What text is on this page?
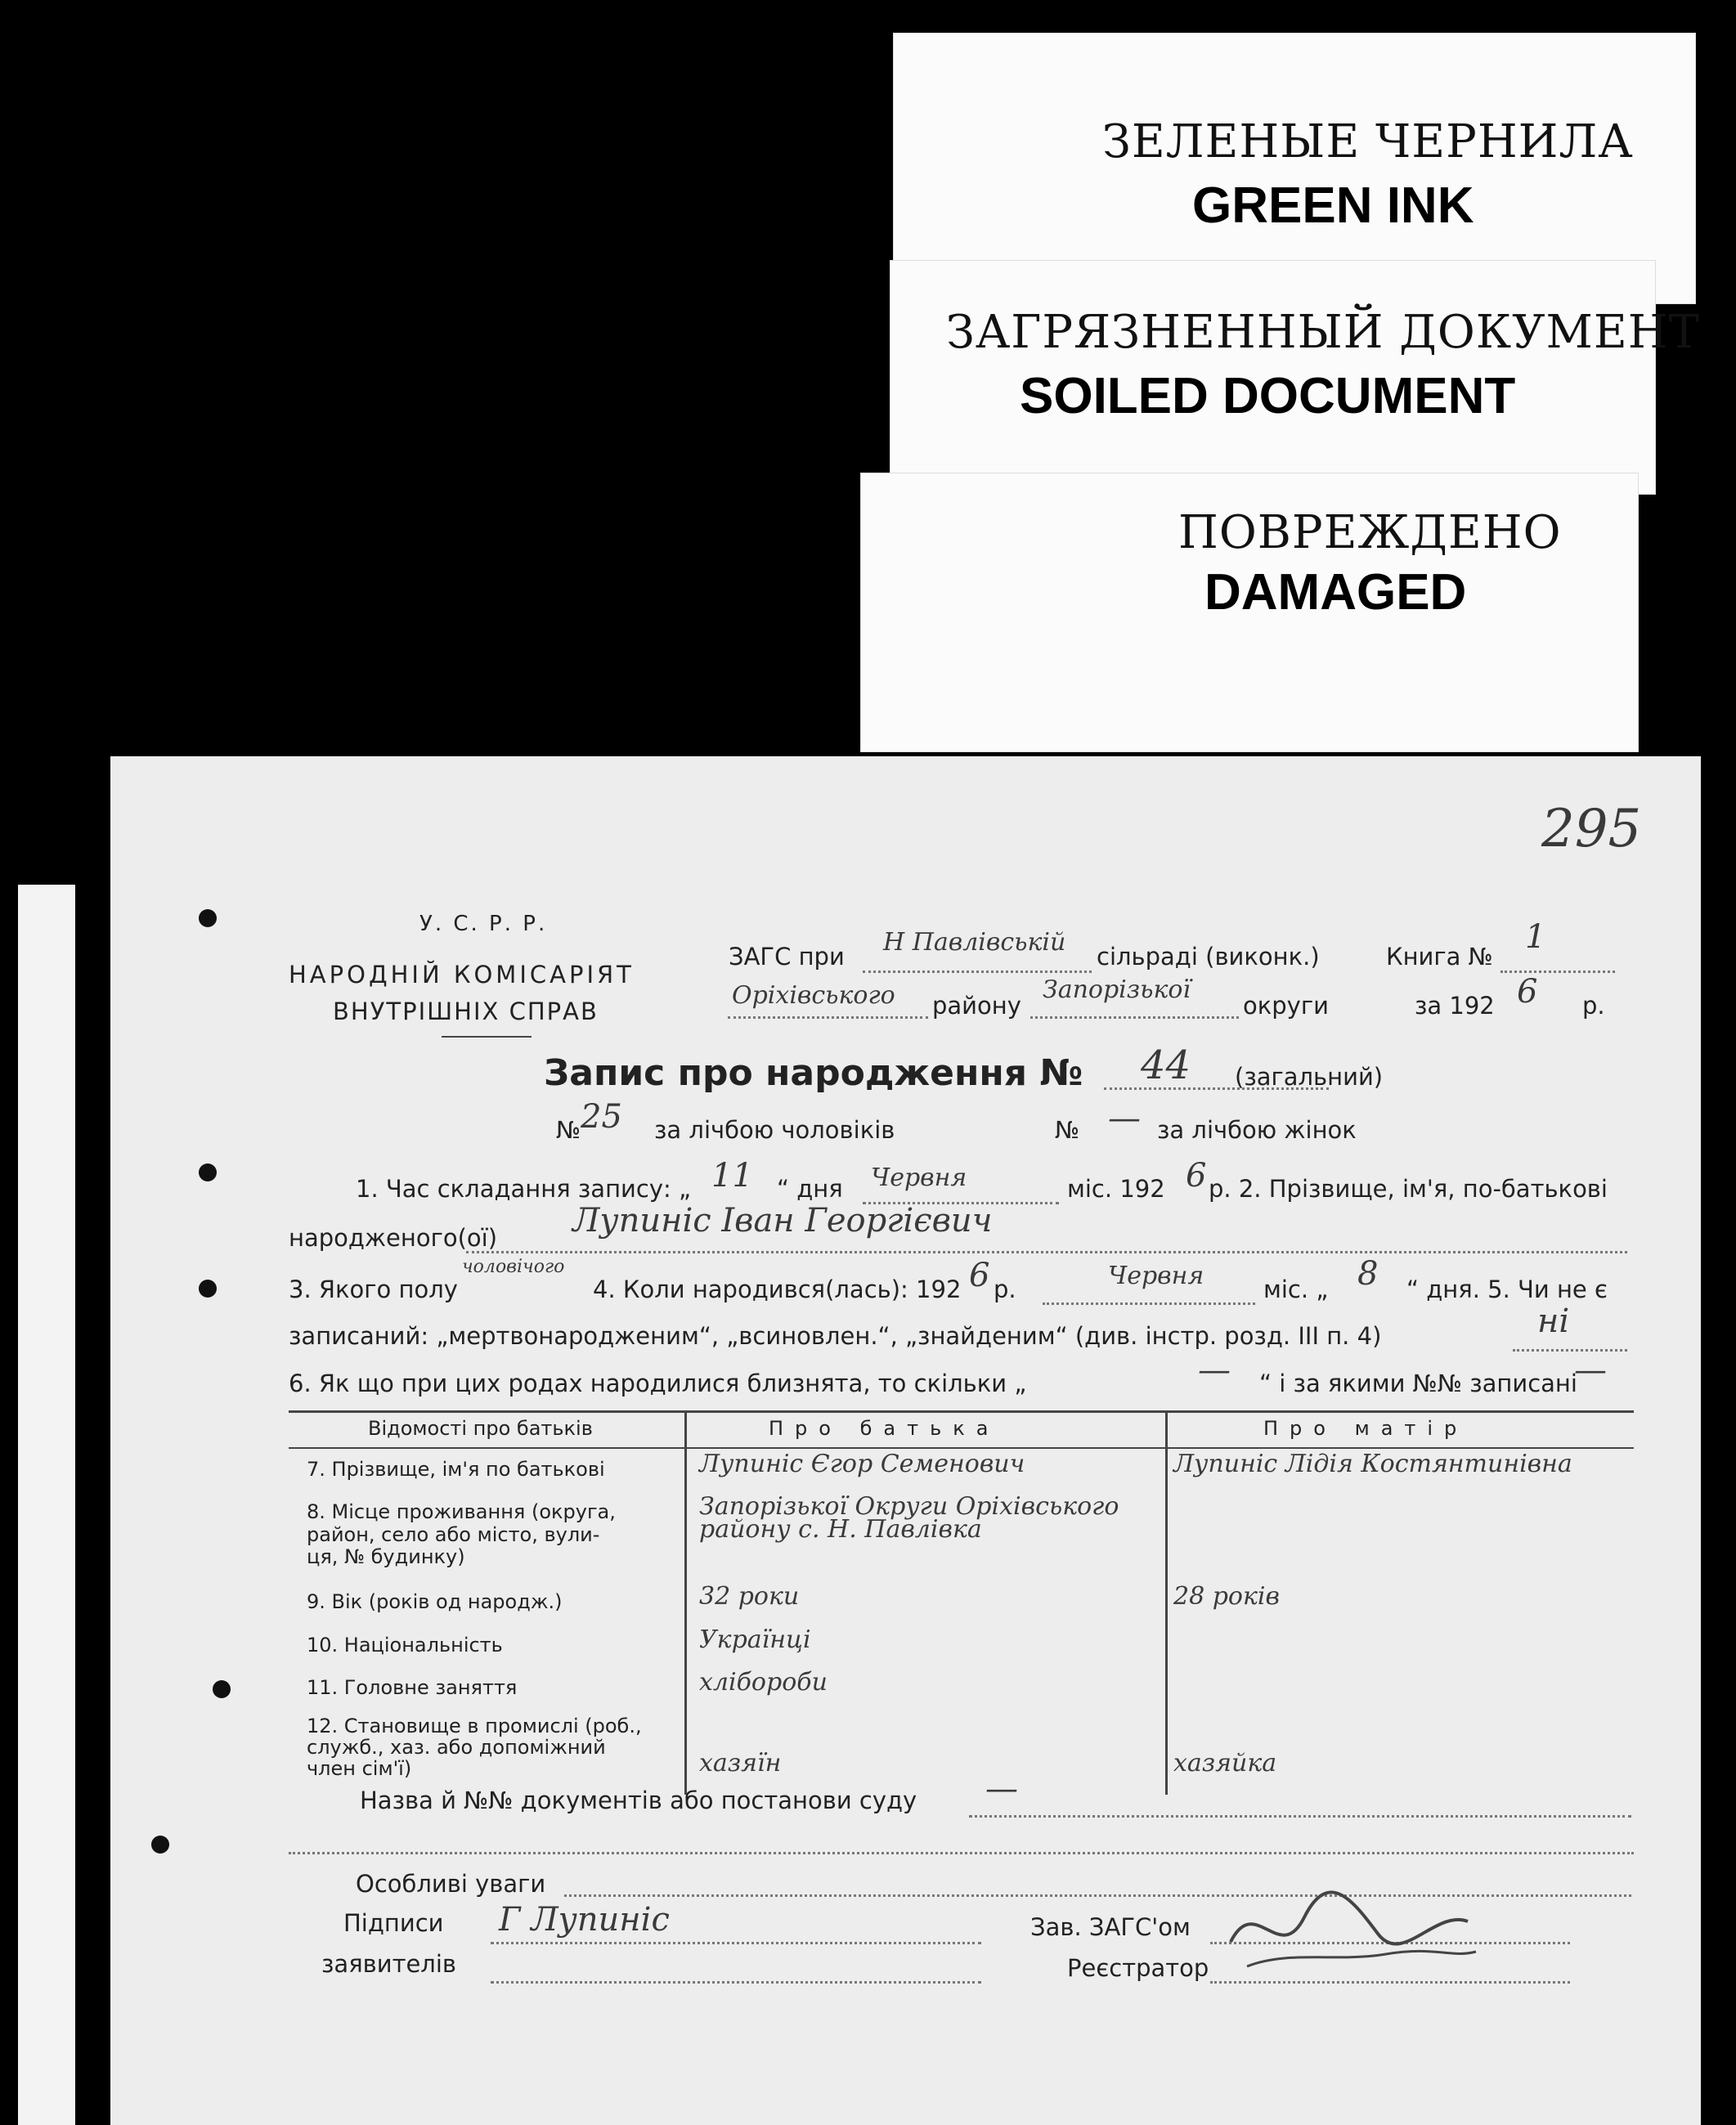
ЗЕЛЕНЫЕ ЧЕРНИЛА
GREEN INK
ЗАГРЯЗНЕННЫЙ ДОКУМЕНТ
SOILED DOCUMENT
ПОВРЕЖДЕНО
DAMAGED
295
У. С. Р. Р.
НАРОДНІЙ КОМІСАРІЯТ
ВНУТРІШНІХ СПРАВ
ЗАГС при Н Павлівській сільраді (виконк.)	Книга №
1
Оріхівського району
Запорізької
округи	за 192 6 р.
Запис про народження № 44 (загальний)
№ 25 за лічбою чоловіків	№ — за лічбою жінок
1. Час складання запису: „ 11 “ дня Червня	міс. 192 6 р. 2. Прізвище, ім'я, по-батькові
народженого(ої) Лупиніс Іван Георгієвич
3. Якого полу
чоловічого
4. Коли народився(лась): 192 6 р.	Червня	міс. „ 8 “ дня. 5. Чи не є
записаний: „мертвонародженим“, „всиновлен.“, „знайденим“ (див. інстр. розд. III п. 4)	ні
6. Як що при цих родах народилися близнята, то скільки „	— “ і за якими №№ записані
—
Відомості про батьків	Про батька	Про матір
7. Прізвище, ім'я по батькові	Лупиніс Єгор Семенович	Лупиніс Лідія Костянтинівна
8. Місце проживання (округа,	Запорізької Округи Оріхівського
район, село або місто, вули-	району с. Н. Павлівка
ця, № будинку)
9. Вік (років од народж.)	32 роки	28 років
10. Національність	Українці
11. Головне заняття	хлібороби
12. Становище в промислі (роб.,
служб., хаз. або допоміжний
член сім'ї)	хазяїн	хазяйка
Назва й №№ документів або постанови суду —
Особливі уваги
Підписи
заявителів
Г Лупиніс	Зав. ЗАГС'ом
Реєстратор
